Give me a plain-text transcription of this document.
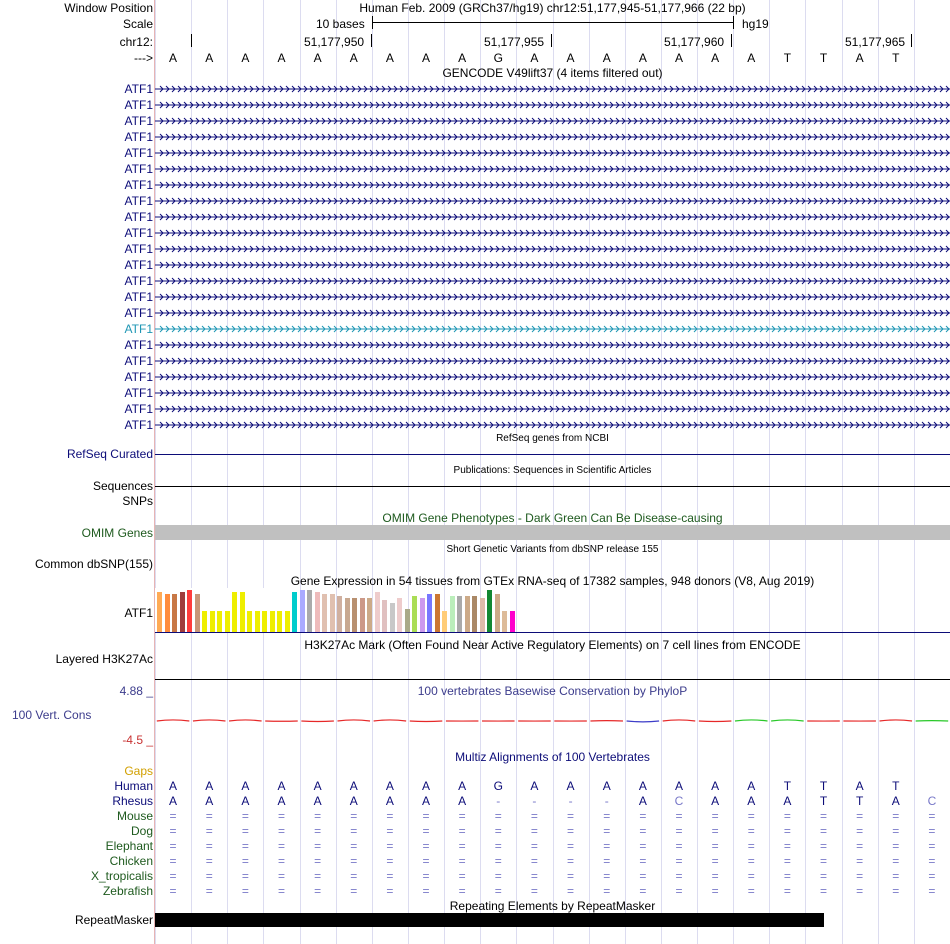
Window Position	Human Feb. 2009 (GRCh37/hg19) chr12:51,177,945-51,177,966 (22 bp)
Scale	10 bases	hg19
chr12:	51,177,950	51,177,955	51,177,960	51,177,965
--->	A	A	A	A	A	A	A	A	A	G	A	A	A	A	A	A	A	T	T	A	T
GENCODE V49lift37 (4 items filtered out)
ATF1
ATF1
ATF1
ATF1
ATF1
ATF1
ATF1
ATF1
ATF1
ATF1
ATF1
ATF1
ATF1
ATF1
ATF1
ATF1
ATF1
ATF1
ATF1
ATF1
ATF1
ATF1
RefSeq genes from NCBI
RefSeq Curated
Publications: Sequences in Scientific Articles
Sequences
SNPs
OMIM Gene Phenotypes - Dark Green Can Be Disease-causing
OMIM Genes
Short Genetic Variants from dbSNP release 155
Common dbSNP(155)
Gene Expression in 54 tissues from GTEx RNA-seq of 17382 samples, 948 donors (V8, Aug 2019)
ATF1
H3K27Ac Mark (Often Found Near Active Regulatory Elements) on 7 cell lines from ENCODE
Layered H3K27Ac
100 vertebrates Basewise Conservation by PhyloP
4.88 _
100 Vert. Cons
-4.5 _
Multiz Alignments of 100 Vertebrates
Gaps
Human	A	A	A	A	A	A	A	A	A	G	A	A	A	A	A	A	A	T	T	A	T
Rhesus	A	A	A	A	A	A	A	A	A	-	-	-	-	A	C	A	A	A	T	T	A	C
Mouse	=	=	=	=	=	=	=	=	=	=	=	=	=	=	=	=	=	=	=	=	=	=
Dog	=	=	=	=	=	=	=	=	=	=	=	=	=	=	=	=	=	=	=	=	=	=
Elephant	=	=	=	=	=	=	=	=	=	=	=	=	=	=	=	=	=	=	=	=	=	=
Chicken	=	=	=	=	=	=	=	=	=	=	=	=	=	=	=	=	=	=	=	=	=	=
X_tropicalis	=	=	=	=	=	=	=	=	=	=	=	=	=	=	=	=	=	=	=	=	=	=
Zebrafish	=	=	=	=	=	=	=	=	=	=	=	=	=	=	=	=	=	=	=	=	=	=
Repeating Elements by RepeatMasker
RepeatMasker
